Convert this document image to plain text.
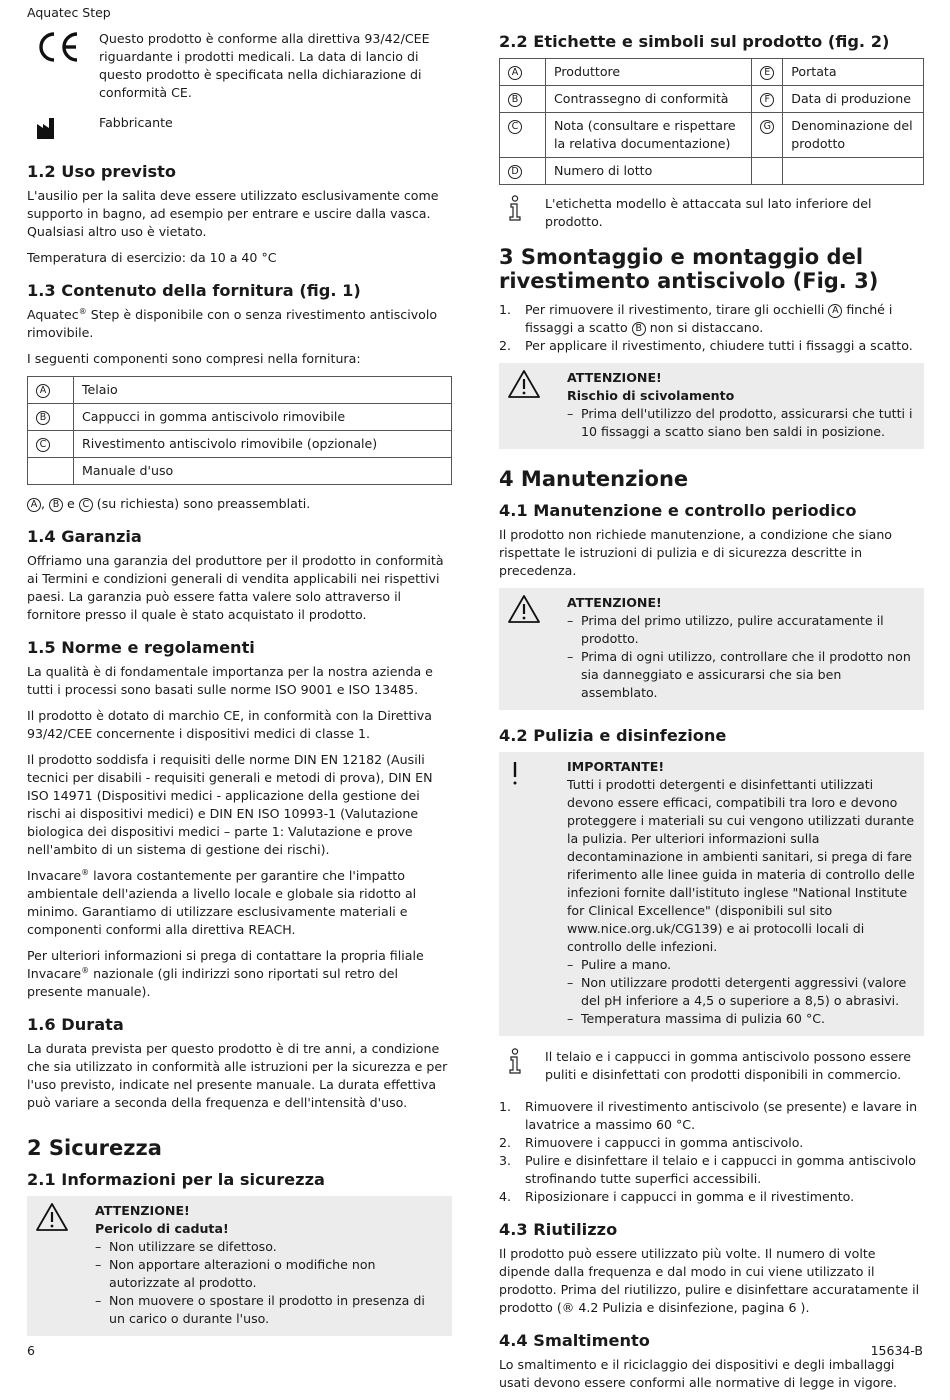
Aquatec Step
Questo prodotto è conforme alla direttiva 93/42/CEE riguardante i prodotti medicali. La data di lancio di questo prodotto è specificata nella dichiarazione di conformità CE.
Fabbricante
1.2 Uso previsto

L'ausilio per la salita deve essere utilizzato esclusivamente come supporto in bagno, ad esempio per entrare e uscire dalla vasca. Qualsiasi altro uso è vietato.

Temperatura di esercizio: da 10 a 40 °C

1.3 Contenuto della fornitura (fig. 1)

Aquatec® Step è disponibile con o senza rivestimento antiscivolo rimovibile.

I seguenti componenti sono compresi nella fornitura:

A	Telaio
B	Cappucci in gomma antiscivolo rimovibile
C	Rivestimento antiscivolo rimovibile (opzionale)
	Manuale d'uso

A , B e C (su richiesta) sono preassemblati.

1.4 Garanzia

Offriamo una garanzia del produttore per il prodotto in conformità ai Termini e condizioni generali di vendita applicabili nei rispettivi paesi. La garanzia può essere fatta valere solo attraverso il fornitore presso il quale è stato acquistato il prodotto.

1.5 Norme e regolamenti

La qualità è di fondamentale importanza per la nostra azienda e tutti i processi sono basati sulle norme ISO 9001 e ISO 13485.

Il prodotto è dotato di marchio CE, in conformità con la Direttiva 93/42/CEE concernente i dispositivi medici di classe 1.

Il prodotto soddisfa i requisiti delle norme DIN EN 12182 (Ausili tecnici per disabili - requisiti generali e metodi di prova), DIN EN ISO 14971 (Dispositivi medici - applicazione della gestione dei rischi ai dispositivi medici) e DIN EN ISO 10993-1 (Valutazione biologica dei dispositivi medici – parte 1: Valutazione e prove nell'ambito di un sistema di gestione dei rischi).

Invacare® lavora costantemente per garantire che l'impatto ambientale dell'azienda a livello locale e globale sia ridotto al minimo. Garantiamo di utilizzare esclusivamente materiali e componenti conformi alla direttiva REACH.

Per ulteriori informazioni si prega di contattare la propria filiale Invacare® nazionale (gli indirizzi sono riportati sul retro del presente manuale).

1.6 Durata

La durata prevista per questo prodotto è di tre anni, a condizione che sia utilizzato in conformità alle istruzioni per la sicurezza e per l'uso previsto, indicate nel presente manuale. La durata effettiva può variare a seconda della frequenza e dell'intensità d'uso.

2 Sicurezza
2.1 Informazioni per la sicurezza
ATTENZIONE!
Pericolo di caduta!
– Non utilizzare se difettoso.
– Non apportare alterazioni o modifiche non autorizzate al prodotto.
– Non muovere o spostare il prodotto in presenza di un carico o durante l'uso.
2.2 Etichette e simboli sul prodotto (fig. 2)
A	Produttore	E	Portata
B	Contrassegno di conformità	F	Data di produzione
C	Nota (consultare e rispettare la relativa documentazione)	G	Denominazione del prodotto
D	Numero di lotto		
L'etichetta modello è attaccata sul lato inferiore del prodotto.
3 Smontaggio e montaggio del rivestimento antiscivolo (Fig. 3)
1.	Per rimuovere il rivestimento, tirare gli occhielli A finché i fissaggi a scatto B non si distaccano.
2.	Per applicare il rivestimento, chiudere tutti i fissaggi a scatto.
ATTENZIONE!
Rischio di scivolamento
– Prima dell'utilizzo del prodotto, assicurarsi che tutti i 10 fissaggi a scatto siano ben saldi in posizione.
4 Manutenzione
4.1 Manutenzione e controllo periodico

Il prodotto non richiede manutenzione, a condizione che siano rispettate le istruzioni di pulizia e di sicurezza descritte in precedenza.

ATTENZIONE!
– Prima del primo utilizzo, pulire accuratamente il prodotto.
– Prima di ogni utilizzo, controllare che il prodotto non sia danneggiato e assicurarsi che sia ben assemblato.
4.2 Pulizia e disinfezione
IMPORTANTE!
Tutti i prodotti detergenti e disinfettanti utilizzati devono essere efficaci, compatibili tra loro e devono proteggere i materiali su cui vengono utilizzati durante la pulizia. Per ulteriori informazioni sulla decontaminazione in ambienti sanitari, si prega di fare riferimento alle linee guida in materia di controllo delle infezioni fornite dall'istituto inglese "National Institute for Clinical Excellence" (disponibili sul sito www.nice.org.uk/CG139) e ai protocolli locali di controllo delle infezioni.
– Pulire a mano.
– Non utilizzare prodotti detergenti aggressivi (valore del pH inferiore a 4,5 o superiore a 8,5) o abrasivi.
– Temperatura massima di pulizia 60 °C.
Il telaio e i cappucci in gomma antiscivolo possono essere puliti e disinfettati con prodotti disponibili in commercio.
1.	Rimuovere il rivestimento antiscivolo (se presente) e lavare in lavatrice a massimo 60 °C.
2.	Rimuovere i cappucci in gomma antiscivolo.
3.	Pulire e disinfettare il telaio e i cappucci in gomma antiscivolo strofinando tutte superfici accessibili.
4.	Riposizionare i cappucci in gomma e il rivestimento.
4.3 Riutilizzo

Il prodotto può essere utilizzato più volte. Il numero di volte dipende dalla frequenza e dal modo in cui viene utilizzato il prodotto. Prima del riutilizzo, pulire e disinfettare accuratamente il prodotto (® 4.2 Pulizia e disinfezione, pagina 6 ).

4.4 Smaltimento

Lo smaltimento e il riciclaggio dei dispositivi e degli imballaggi usati devono essere conformi alle normative di legge in vigore.

6	15634-B
